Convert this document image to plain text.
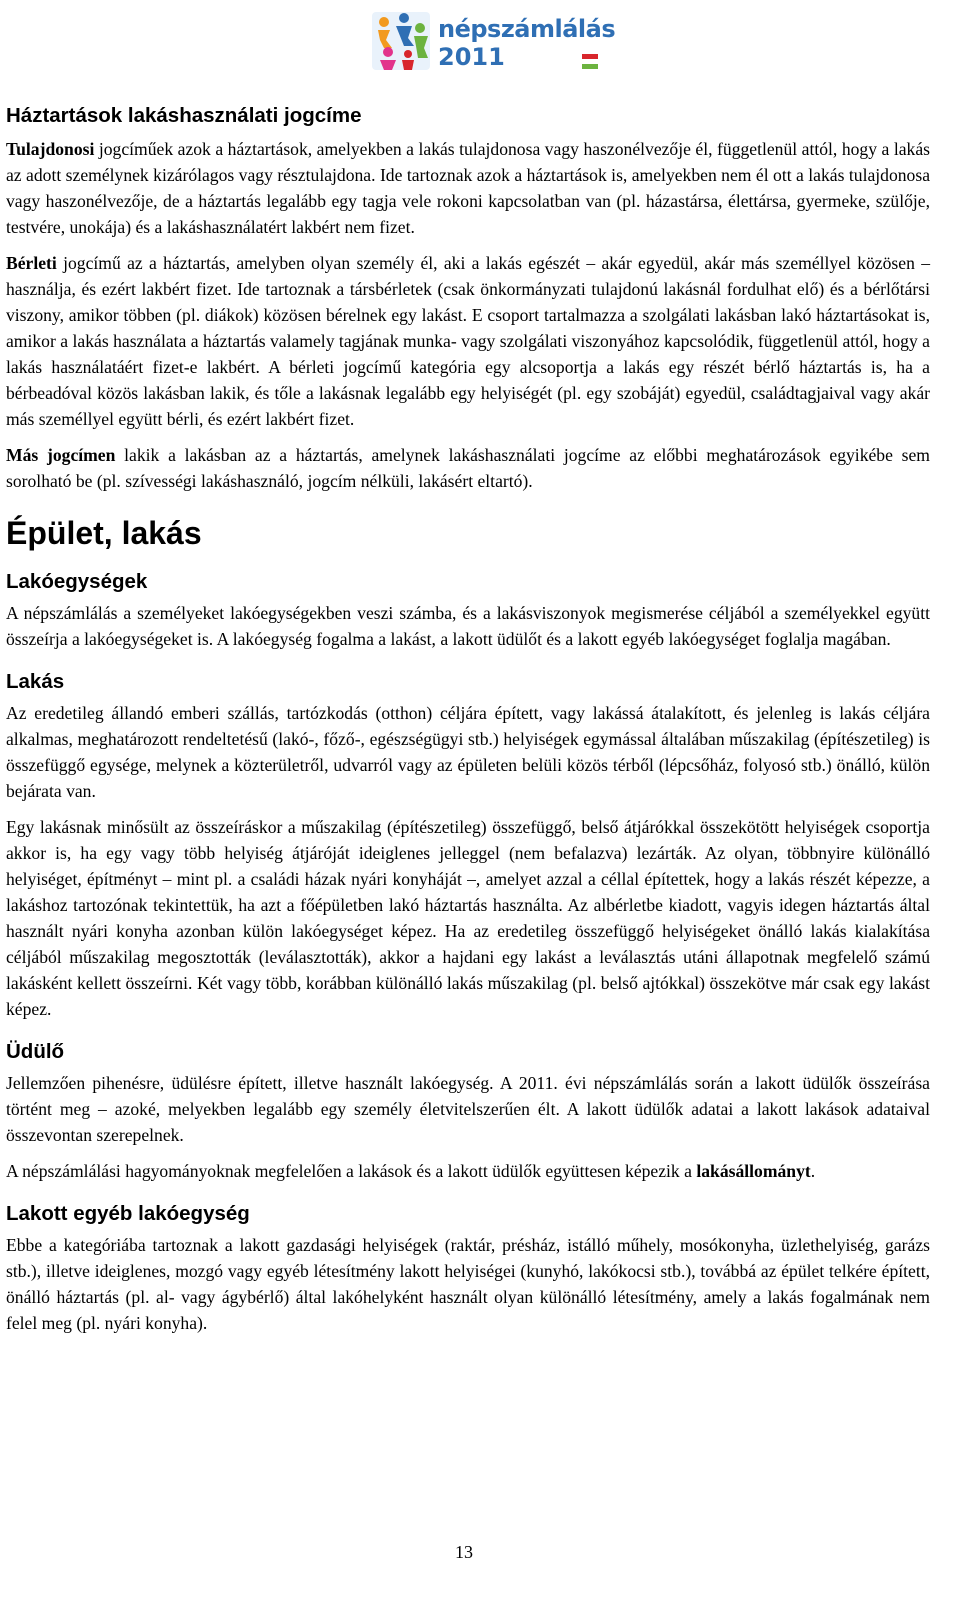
népszámlálás
2011
Háztartások lakáshasználati jogcíme

Tulajdonosi jogcíműek azok a háztartások, amelyekben a lakás tulajdonosa vagy haszonélvezője él, függetlenül attól, hogy a lakás az adott személynek kizárólagos vagy résztulajdona. Ide tartoznak azok a háztartások is, amelyekben nem él ott a lakás tulajdonosa vagy haszonélvezője, de a háztartás legalább egy tagja vele rokoni kapcsolatban van (pl. házastársa, élettársa, gyermeke, szülője, testvére, unokája) és a lakáshasználatért lakbért nem fizet.

Bérleti jogcímű az a háztartás, amelyben olyan személy él, aki a lakás egészét – akár egyedül, akár más személlyel közösen – használja, és ezért lakbért fizet. Ide tartoznak a társbérletek (csak önkormányzati tulajdonú lakásnál fordulhat elő) és a bérlőtársi viszony, amikor többen (pl. diákok) közösen bérelnek egy lakást. E csoport tartalmazza a szolgálati lakásban lakó háztartásokat is, amikor a lakás használata a háztartás valamely tagjának munka- vagy szolgálati viszonyához kapcsolódik, függetlenül attól, hogy a lakás használatáért fizet-e lakbért. A bérleti jogcímű kategória egy alcsoportja a lakás egy részét bérlő háztartás is, ha a bérbeadóval közös lakásban lakik, és tőle a lakásnak legalább egy helyiségét (pl. egy szobáját) egyedül, családtagjaival vagy akár más személlyel együtt bérli, és ezért lakbért fizet.

Más jogcímen lakik a lakásban az a háztartás, amelynek lakáshasználati jogcíme az előbbi meghatározások egyikébe sem sorolható be (pl. szívességi lakáshasználó, jogcím nélküli, lakásért eltartó).

Épület, lakás
Lakóegységek

A népszámlálás a személyeket lakóegységekben veszi számba, és a lakásviszonyok megismerése céljából a személyekkel együtt összeírja a lakóegységeket is. A lakóegység fogalma a lakást, a lakott üdülőt és a lakott egyéb lakóegységet foglalja magában.

Lakás

Az eredetileg állandó emberi szállás, tartózkodás (otthon) céljára épített, vagy lakássá átalakított, és jelenleg is lakás céljára alkalmas, meghatározott rendeltetésű (lakó-, főző-, egészségügyi stb.) helyiségek egymással általában műszakilag (építészetileg) is összefüggő egysége, melynek a közterületről, udvarról vagy az épületen belüli közös térből (lépcsőház, folyosó stb.) önálló, külön bejárata van.

Egy lakásnak minősült az összeíráskor a műszakilag (építészetileg) összefüggő, belső átjárókkal összekötött helyiségek csoportja akkor is, ha egy vagy több helyiség átjáróját ideiglenes jelleggel (nem befalazva) lezárták. Az olyan, többnyire különálló helyiséget, építményt – mint pl. a családi házak nyári konyháját –, amelyet azzal a céllal építettek, hogy a lakás részét képezze, a lakáshoz tartozónak tekintettük, ha azt a főépületben lakó háztartás használta. Az albérletbe kiadott, vagyis idegen háztartás által használt nyári konyha azonban külön lakóegységet képez. Ha az eredetileg összefüggő helyiségeket önálló lakás kialakítása céljából műszakilag megosztották (leválasztották), akkor a hajdani egy lakást a leválasztás utáni állapotnak megfelelő számú lakásként kellett összeírni. Két vagy több, korábban különálló lakás műszakilag (pl. belső ajtókkal) összekötve már csak egy lakást képez.

Üdülő

Jellemzően pihenésre, üdülésre épített, illetve használt lakóegység. A 2011. évi népszámlálás során a lakott üdülők összeírása történt meg – azoké, melyekben legalább egy személy életvitelszerűen élt. A lakott üdülők adatai a lakott lakások adataival összevontan szerepelnek.

A népszámlálási hagyományoknak megfelelően a lakások és a lakott üdülők együttesen képezik a lakásállományt.

Lakott egyéb lakóegység

Ebbe a kategóriába tartoznak a lakott gazdasági helyiségek (raktár, présház, istálló műhely, mosókonyha, üzlethelyiség, garázs stb.), illetve ideiglenes, mozgó vagy egyéb létesítmény lakott helyiségei (kunyhó, lakókocsi stb.), továbbá az épület telkére épített, önálló háztartás (pl. al- vagy ágybérlő) által lakóhelyként használt olyan különálló létesítmény, amely a lakás fogalmának nem felel meg (pl. nyári konyha).

13
